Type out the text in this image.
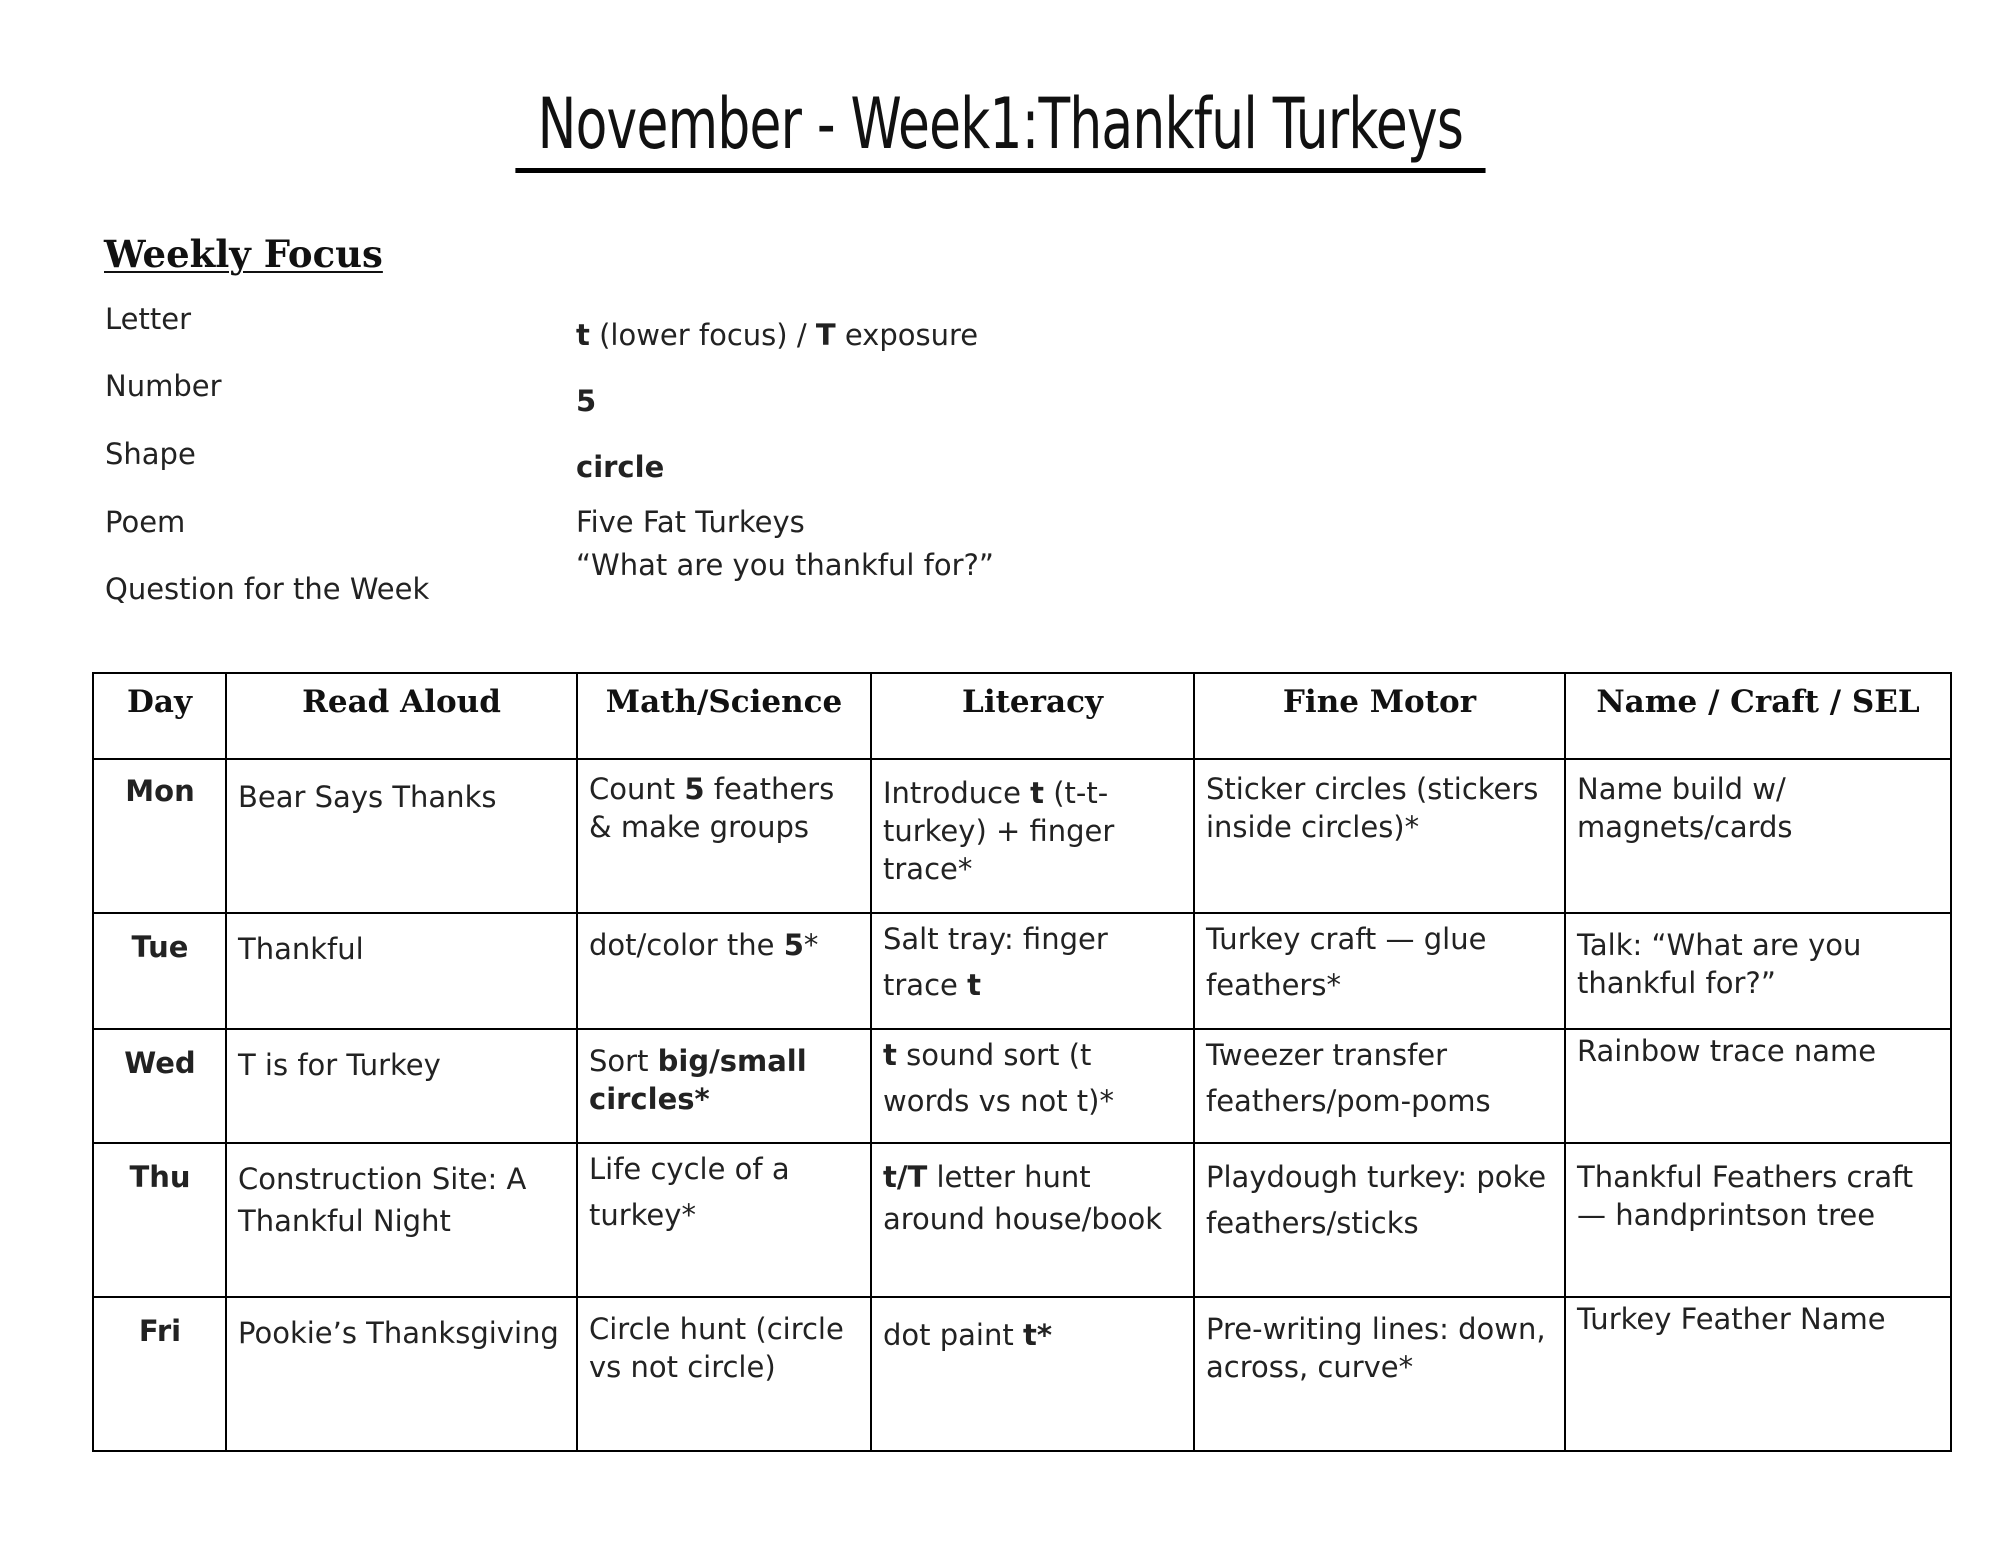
November - Week1:Thankful Turkeys
Weekly Focus
Letter	t (lower focus) / T exposure
Number	5
Shape	circle
Poem	Five Fat Turkeys
Question for the Week
“What are you thankful for?”
Day	Read Aloud	Math/Science	Literacy	Fine Motor	Name / Craft / SEL
Mon	Bear Says Thanks	Count 5 feathers & make groups	Introduce t (t-t-turkey) + finger trace*	Sticker circles (stickers inside circles)*	Name build w/ magnets/cards
Tue	Thankful	dot/color the 5*	Salt tray: finger trace t	Turkey craft — glue feathers*	Talk: “What are you thankful for?”
Wed	T is for Turkey	Sort big/small circles*	t sound sort (t words vs not t)*	Tweezer transfer feathers/pom-poms	Rainbow trace name
Thu	Construction Site: A Thankful Night	Life cycle of a turkey*	t/T letter hunt around house/book	Playdough turkey: poke feathers/sticks	Thankful Feathers craft — handprintson tree
Fri	Pookie’s Thanksgiving	Circle hunt (circle vs not circle)	dot paint t*	Pre-writing lines: down, across, curve*	Turkey Feather Name
